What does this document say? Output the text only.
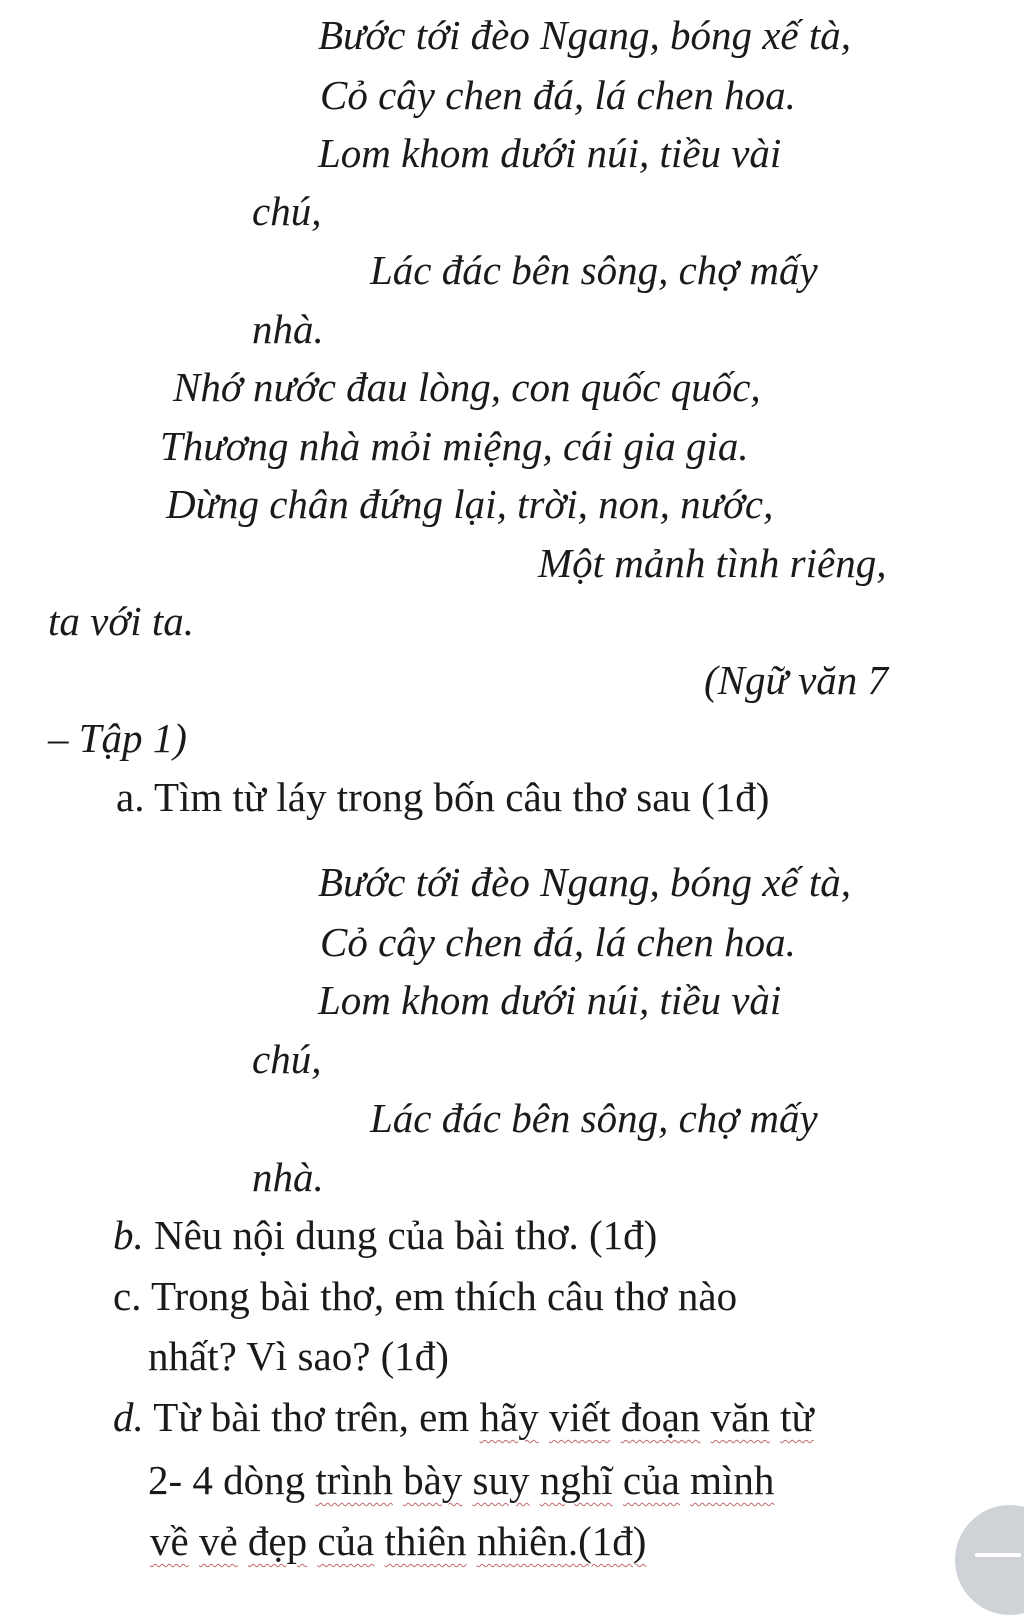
Bước tới đèo Ngang, bóng xế tà,
Cỏ cây chen đá, lá chen hoa.
Lom khom dưới núi, tiều vài
chú,
Lác đác bên sông, chợ mấy
nhà.
Nhớ nước đau lòng, con quốc quốc,
Thương nhà mỏi miệng, cái gia gia.
Dừng chân đứng lại, trời, non, nước,
Một mảnh tình riêng,
ta với ta.
(Ngữ văn 7
– Tập 1)
a. Tìm từ láy trong bốn câu thơ sau (1đ)
Bước tới đèo Ngang, bóng xế tà,
Cỏ cây chen đá, lá chen hoa.
Lom khom dưới núi, tiều vài
chú,
Lác đác bên sông, chợ mấy
nhà.
b. Nêu nội dung của bài thơ. (1đ)
c. Trong bài thơ, em thích câu thơ nào
nhất? Vì sao? (1đ)
d. Từ bài thơ trên, em hãy viết đoạn văn từ
2- 4 dòng trình bày suy nghĩ của mình
về vẻ đẹp của thiên nhiên.(1đ)
